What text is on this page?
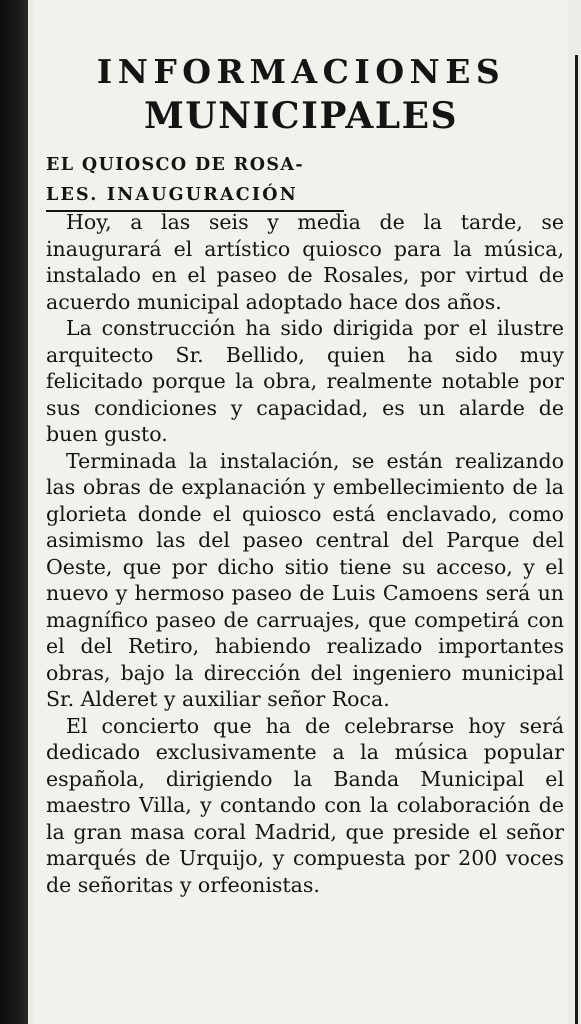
INFORMACIONES
MUNICIPALES
EL QUIOSCO DE ROSA-
LES. INAUGURACIÓN

Hoy, a las seis y media de la tarde, se inaugurará el artístico quiosco para la música, instalado en el paseo de Rosales, por virtud de acuerdo municipal adoptado hace dos años.

La construcción ha sido dirigida por el ilustre arquitecto Sr. Bellido, quien ha sido muy felicitado porque la obra, realmente notable por sus condiciones y capacidad, es un alarde de buen gusto.

Terminada la instalación, se están realizando las obras de explanación y embellecimiento de la glorieta donde el quiosco está enclavado, como asimismo las del paseo central del Parque del Oeste, que por dicho sitio tiene su acceso, y el nuevo y hermoso paseo de Luis Camoens será un magnífico paseo de carruajes, que competirá con el del Retiro, habiendo realizado importantes obras, bajo la dirección del ingeniero municipal Sr. Alderet y auxiliar señor Roca.

El concierto que ha de celebrarse hoy será dedicado exclusivamente a la música popular española, dirigiendo la Banda Municipal el maestro Villa, y contando con la colaboración de la gran masa coral Madrid, que preside el señor marqués de Urquijo, y compuesta por 200 voces de señoritas y orfeonistas.
